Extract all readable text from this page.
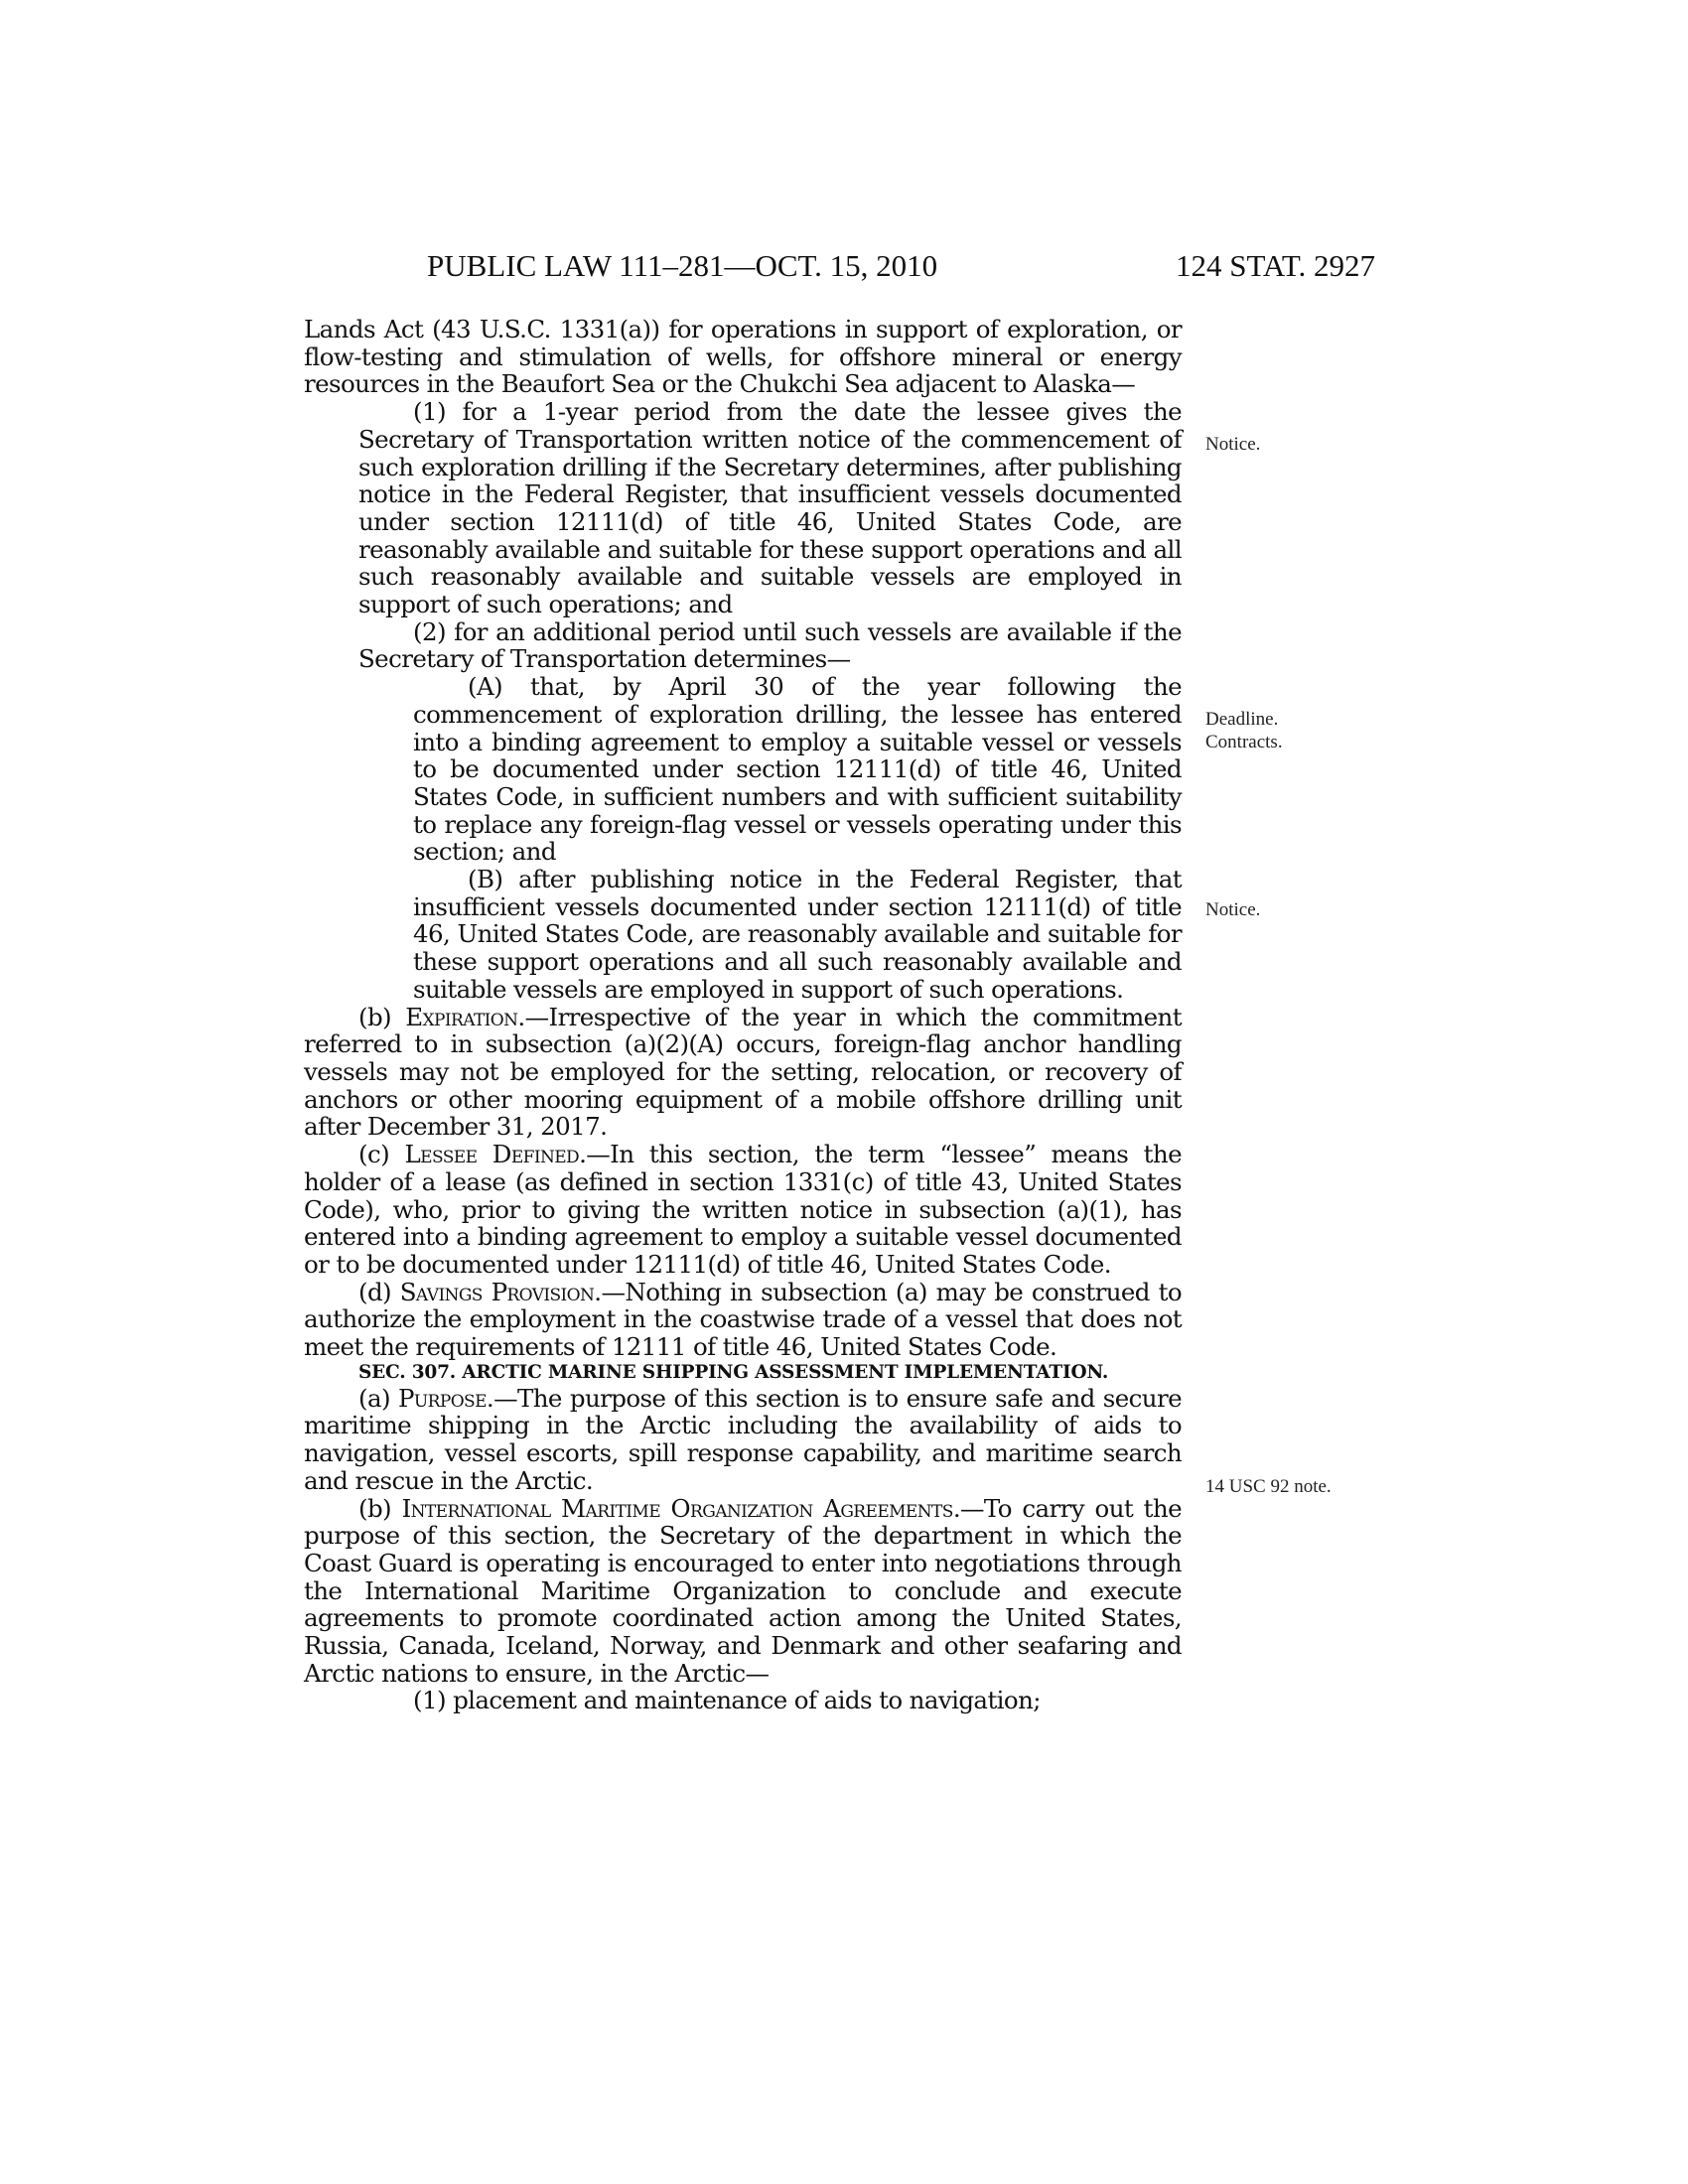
PUBLIC LAW 111–281—OCT. 15, 2010	124 STAT. 2927

Lands Act (43 U.S.C. 1331(a)) for operations in support of exploration, or flow-testing and stimulation of wells, for offshore mineral or energy resources in the Beaufort Sea or the Chukchi Sea adjacent to Alaska—

(1) for a 1-year period from the date the lessee gives the Secretary of Transportation written notice of the commencement of such exploration drilling if the Secretary determines, after publishing notice in the Federal Register, that insufficient vessels documented under section 12111(d) of title 46, United States Code, are reasonably available and suitable for these support operations and all such reasonably available and suitable vessels are employed in support of such operations; and

(2) for an additional period until such vessels are available if the Secretary of Transportation determines—

(A) that, by April 30 of the year following the commencement of exploration drilling, the lessee has entered into a binding agreement to employ a suitable vessel or vessels to be documented under section 12111(d) of title 46, United States Code, in sufficient numbers and with sufficient suitability to replace any foreign-flag vessel or vessels operating under this section; and

(B) after publishing notice in the Federal Register, that insufficient vessels documented under section 12111(d) of title 46, United States Code, are reasonably available and suitable for these support operations and all such reasonably available and suitable vessels are employed in support of such operations.

(b) Expiration.—Irrespective of the year in which the commitment referred to in subsection (a)(2)(A) occurs, foreign-flag anchor handling vessels may not be employed for the setting, relocation, or recovery of anchors or other mooring equipment of a mobile offshore drilling unit after December 31, 2017.

(c) Lessee Defined.—In this section, the term “lessee” means the holder of a lease (as defined in section 1331(c) of title 43, United States Code), who, prior to giving the written notice in subsection (a)(1), has entered into a binding agreement to employ a suitable vessel documented or to be documented under 12111(d) of title 46, United States Code.

(d) Savings Provision.—Nothing in subsection (a) may be construed to authorize the employment in the coastwise trade of a vessel that does not meet the requirements of 12111 of title 46, United States Code.

SEC. 307. ARCTIC MARINE SHIPPING ASSESSMENT IMPLEMENTATION.

(a) Purpose.—The purpose of this section is to ensure safe and secure maritime shipping in the Arctic including the availability of aids to navigation, vessel escorts, spill response capability, and maritime search and rescue in the Arctic.

(b) International Maritime Organization Agreements.—To carry out the purpose of this section, the Secretary of the department in which the Coast Guard is operating is encouraged to enter into negotiations through the International Maritime Organization to conclude and execute agreements to promote coordinated action among the United States, Russia, Canada, Iceland, Norway, and Denmark and other seafaring and Arctic nations to ensure, in the Arctic—

(1) placement and maintenance of aids to navigation;

Notice.
Deadline.
Contracts.
Notice.
14 USC 92 note.
